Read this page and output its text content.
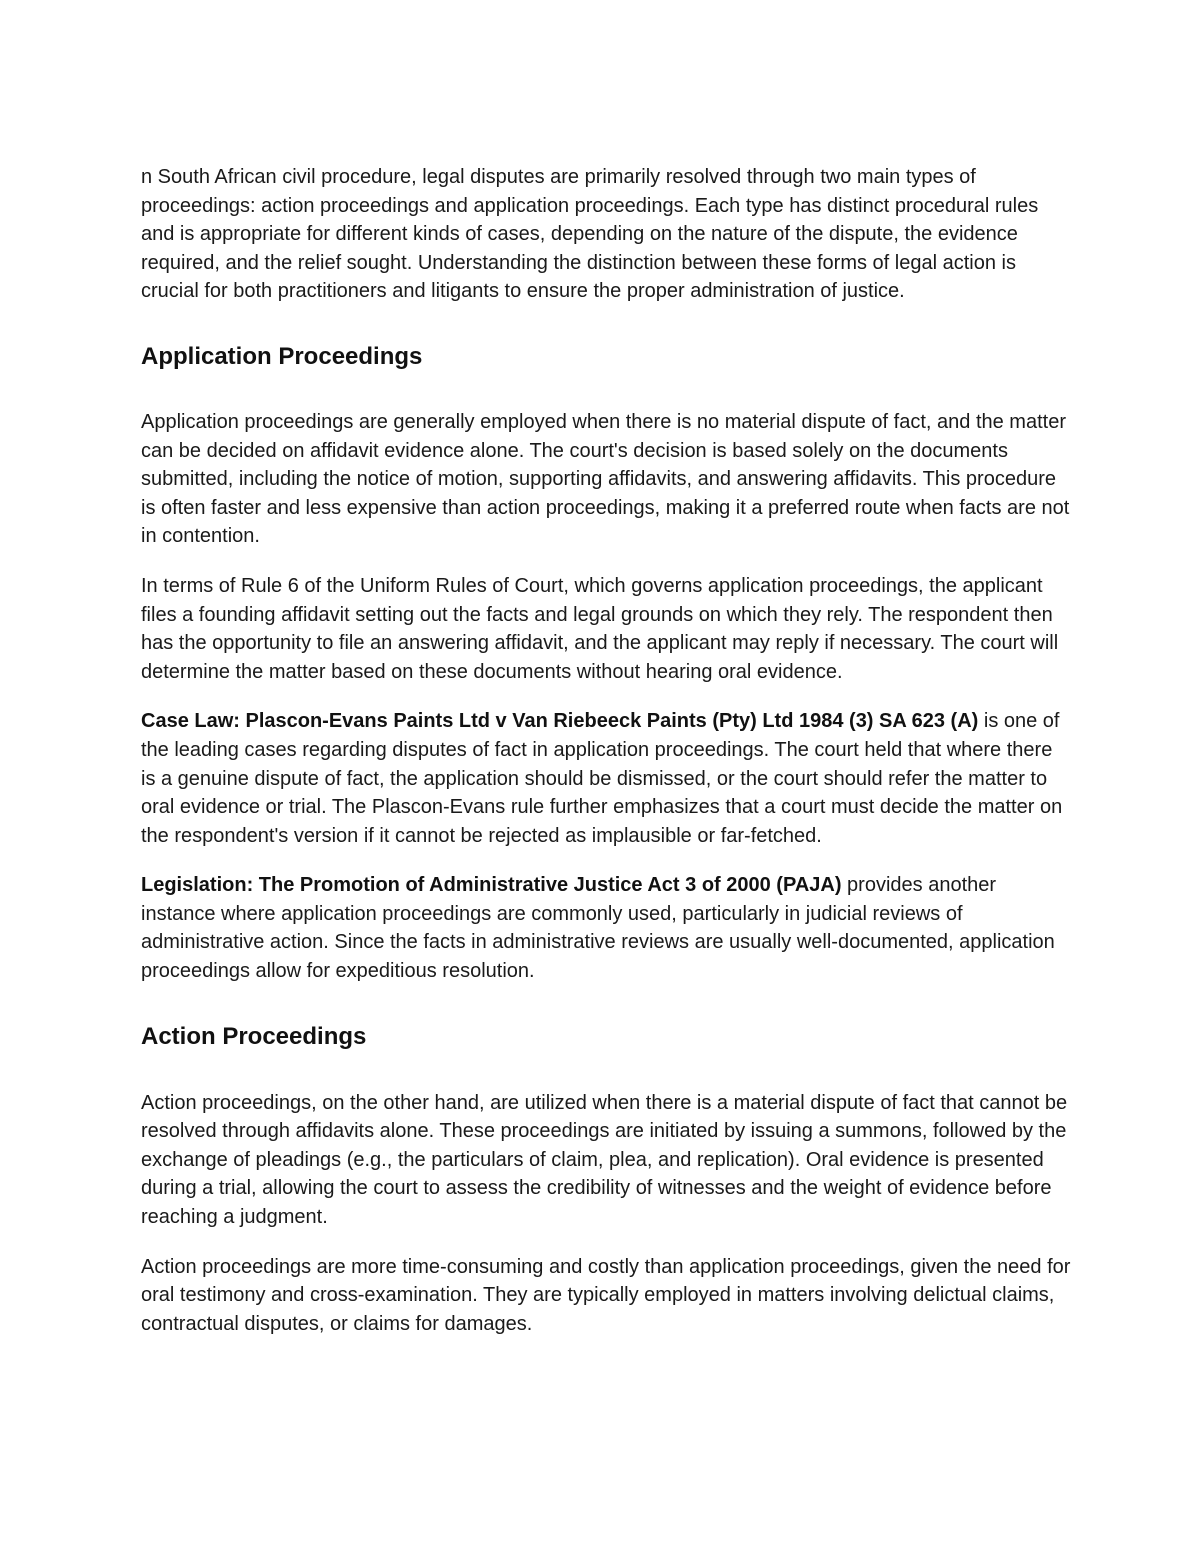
n South African civil procedure, legal disputes are primarily resolved through two main types of proceedings: action proceedings and application proceedings. Each type has distinct procedural rules and is appropriate for different kinds of cases, depending on the nature of the dispute, the evidence required, and the relief sought. Understanding the distinction between these forms of legal action is crucial for both practitioners and litigants to ensure the proper administration of justice.

Application Proceedings

Application proceedings are generally employed when there is no material dispute of fact, and the matter can be decided on affidavit evidence alone. The court's decision is based solely on the documents submitted, including the notice of motion, supporting affidavits, and answering affidavits. This procedure is often faster and less expensive than action proceedings, making it a preferred route when facts are not in contention.

In terms of Rule 6 of the Uniform Rules of Court, which governs application proceedings, the applicant files a founding affidavit setting out the facts and legal grounds on which they rely. The respondent then has the opportunity to file an answering affidavit, and the applicant may reply if necessary. The court will determine the matter based on these documents without hearing oral evidence.

Case Law: Plascon-Evans Paints Ltd v Van Riebeeck Paints (Pty) Ltd 1984 (3) SA 623 (A) is one of the leading cases regarding disputes of fact in application proceedings. The court held that where there is a genuine dispute of fact, the application should be dismissed, or the court should refer the matter to oral evidence or trial. The Plascon-Evans rule further emphasizes that a court must decide the matter on the respondent's version if it cannot be rejected as implausible or far-fetched.

Legislation: The Promotion of Administrative Justice Act 3 of 2000 (PAJA) provides another instance where application proceedings are commonly used, particularly in judicial reviews of administrative action. Since the facts in administrative reviews are usually well-documented, application proceedings allow for expeditious resolution.

Action Proceedings

Action proceedings, on the other hand, are utilized when there is a material dispute of fact that cannot be resolved through affidavits alone. These proceedings are initiated by issuing a summons, followed by the exchange of pleadings (e.g., the particulars of claim, plea, and replication). Oral evidence is presented during a trial, allowing the court to assess the credibility of witnesses and the weight of evidence before reaching a judgment.

Action proceedings are more time-consuming and costly than application proceedings, given the need for oral testimony and cross-examination. They are typically employed in matters involving delictual claims, contractual disputes, or claims for damages.
